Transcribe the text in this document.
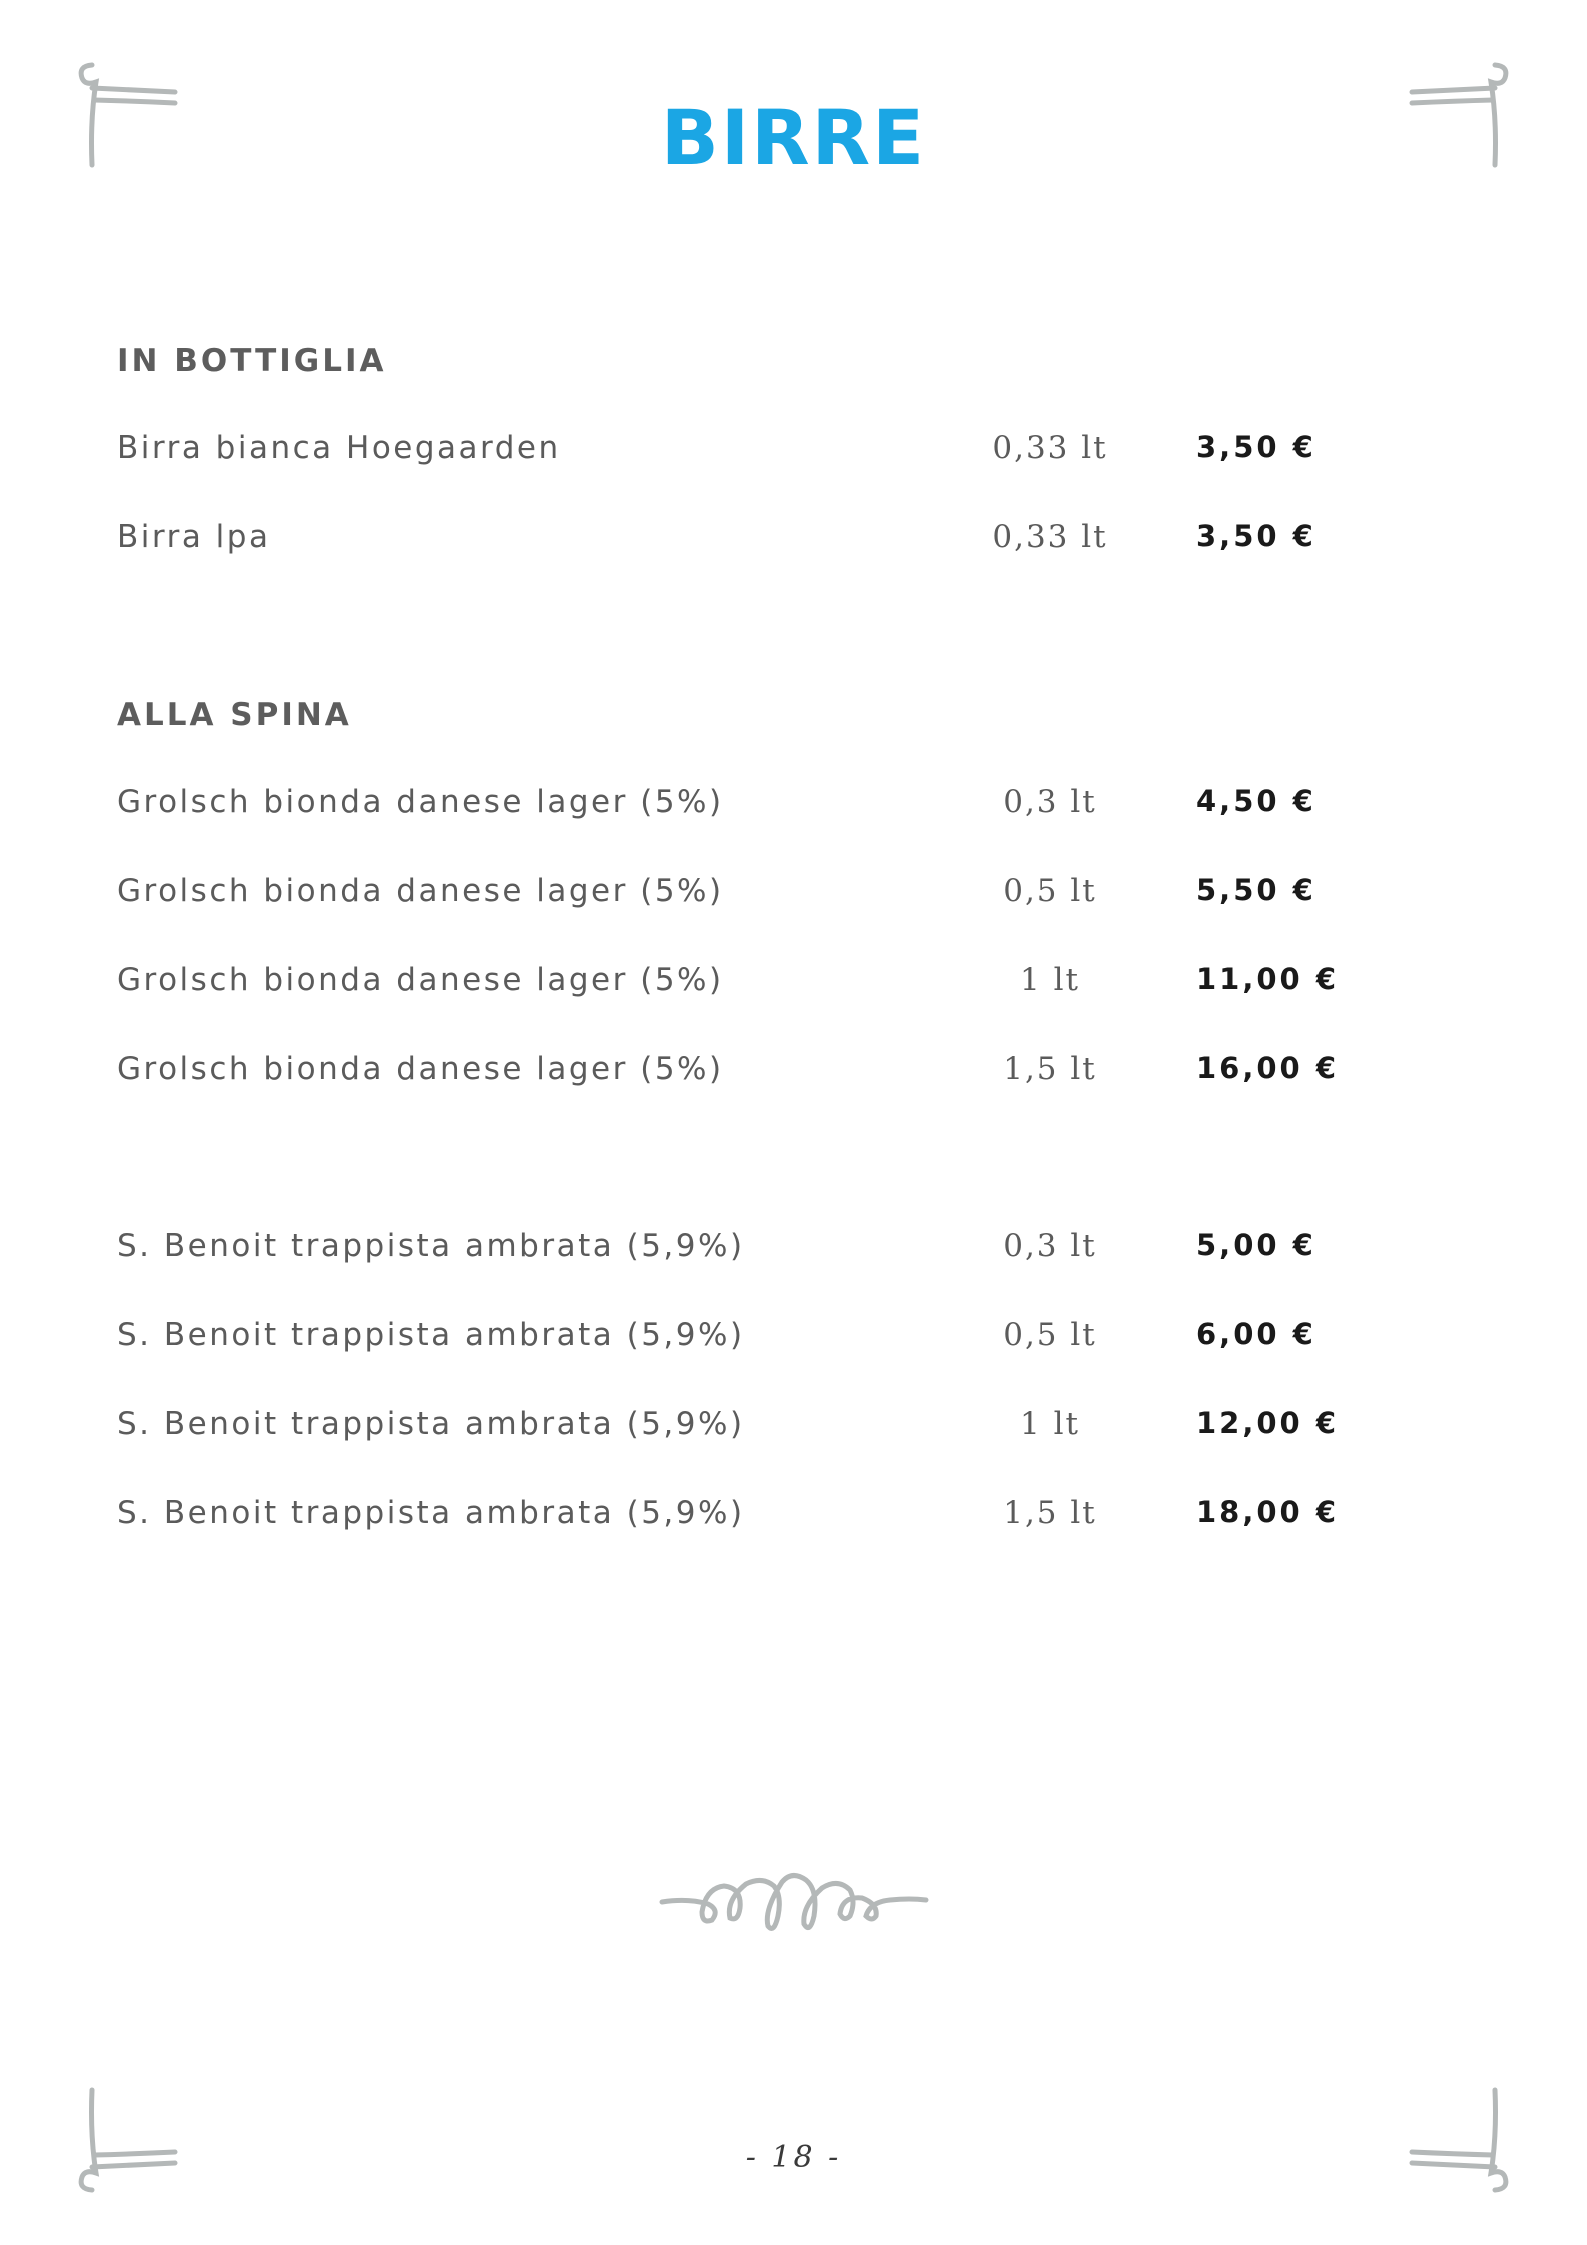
BIRRE
IN BOTTIGLIA
Birra bianca Hoegaarden	0,33 lt	3,50 €
Birra lpa	0,33 lt	3,50 €
ALLA SPINA
Grolsch bionda danese lager (5%)	0,3 lt	4,50 €
Grolsch bionda danese lager (5%)	0,5 lt	5,50 €
Grolsch bionda danese lager (5%)	1 lt	11,00 €
Grolsch bionda danese lager (5%)	1,5 lt	16,00 €
S. Benoit trappista ambrata (5,9%)	0,3 lt	5,00 €
S. Benoit trappista ambrata (5,9%)	0,5 lt	6,00 €
S. Benoit trappista ambrata (5,9%)	1 lt	12,00 €
S. Benoit trappista ambrata (5,9%)	1,5 lt	18,00 €
- 18 -
